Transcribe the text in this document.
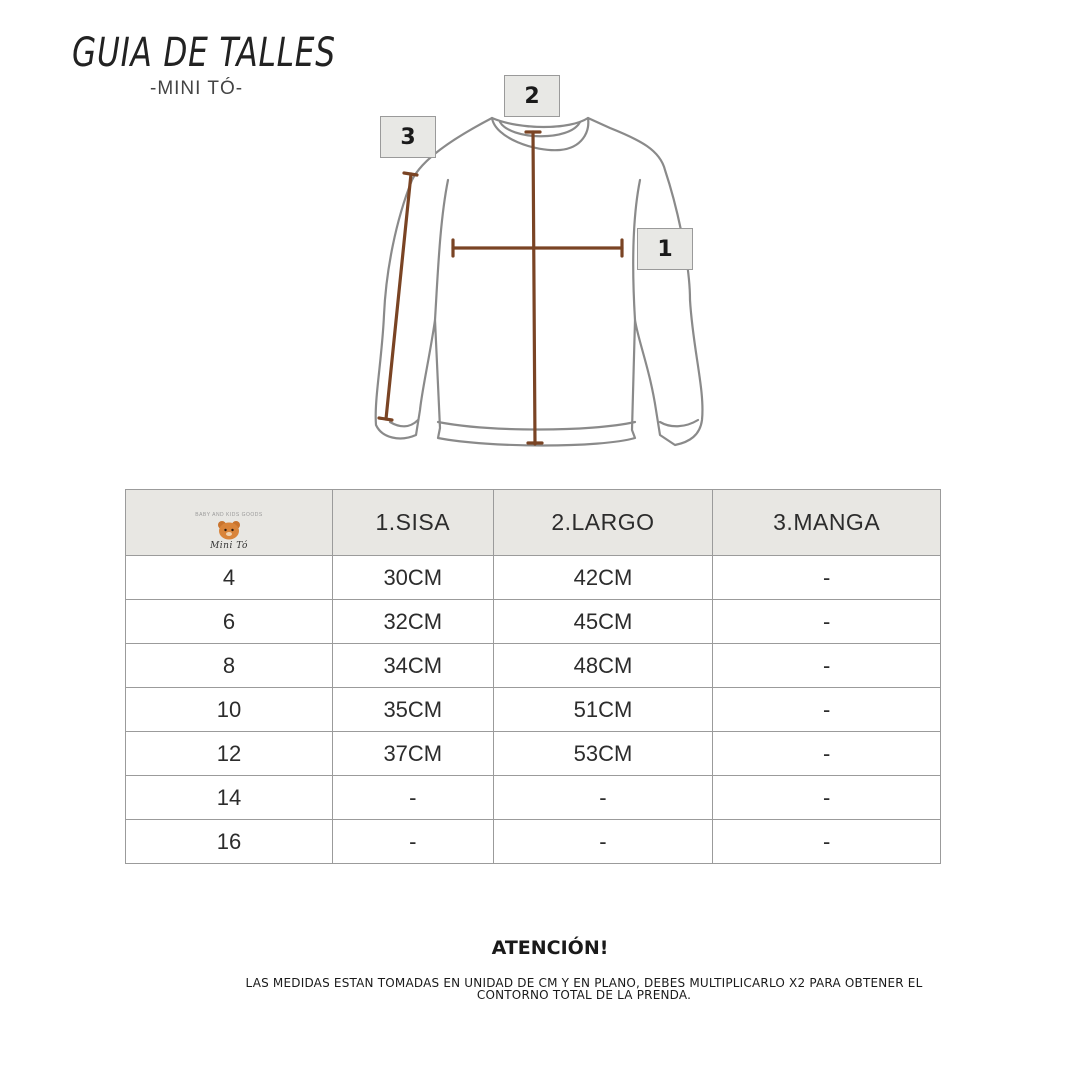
GUIA DE TALLES
-MINI TÓ-
1
2
3
BABY AND KIDS GOODS
Mini Tó	1.SISA	2.LARGO	3.MANGA
4	30CM	42CM	-
6	32CM	45CM	-
8	34CM	48CM	-
10	35CM	51CM	-
12	37CM	53CM	-
14	-	-	-
16	-	-	-
ATENCIÓN!
LAS MEDIDAS ESTAN TOMADAS EN UNIDAD DE CM Y EN PLANO, DEBES MULTIPLICARLO X2 PARA OBTENER EL CONTORNO TOTAL DE LA PRENDA.
